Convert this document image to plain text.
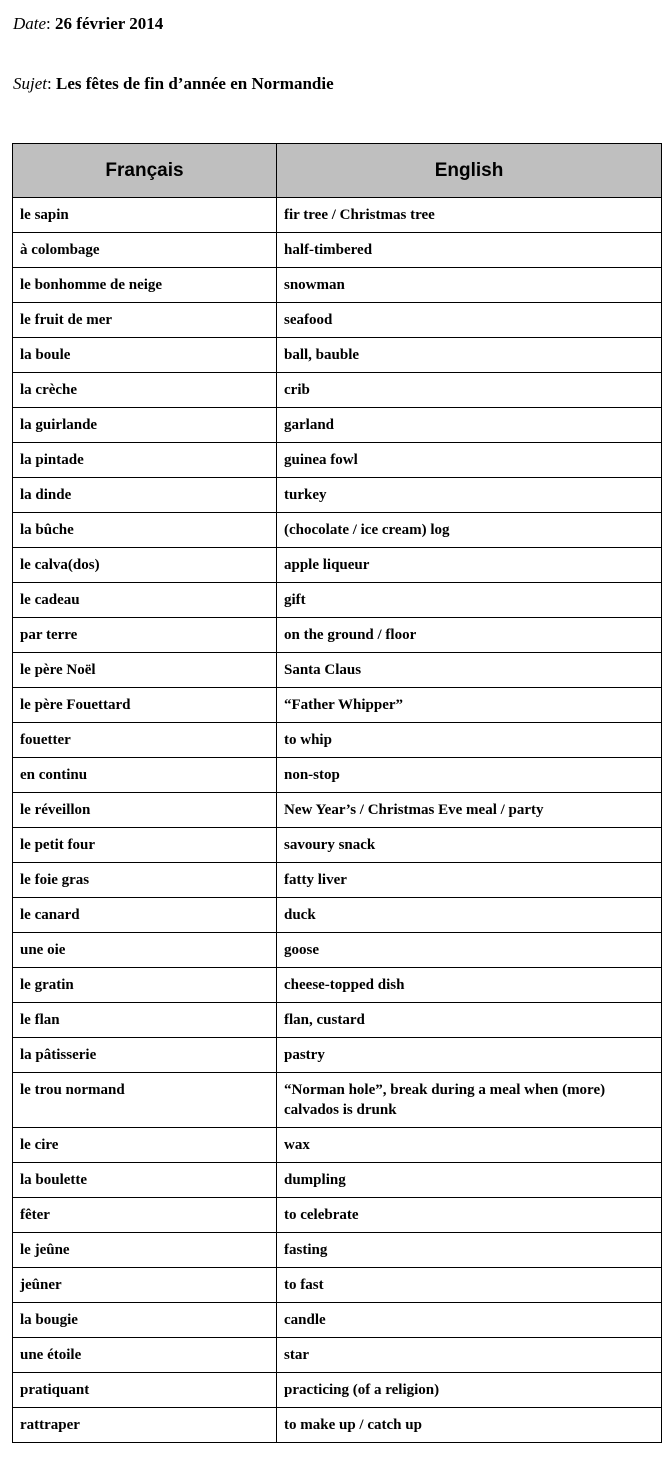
Date: 26 février 2014
Sujet: Les fêtes de fin d’année en Normandie
Français	English
le sapin	fir tree / Christmas tree
à colombage	half-timbered
le bonhomme de neige	snowman
le fruit de mer	seafood
la boule	ball, bauble
la crèche	crib
la guirlande	garland
la pintade	guinea fowl
la dinde	turkey
la bûche	(chocolate / ice cream) log
le calva(dos)	apple liqueur
le cadeau	gift
par terre	on the ground / floor
le père Noël	Santa Claus
le père Fouettard	“Father Whipper”
fouetter	to whip
en continu	non-stop
le réveillon	New Year’s / Christmas Eve meal / party
le petit four	savoury snack
le foie gras	fatty liver
le canard	duck
une oie	goose
le gratin	cheese-topped dish
le flan	flan, custard
la pâtisserie	pastry
le trou normand	“Norman hole”, break during a meal when (more) calvados is drunk
le cire	wax
la boulette	dumpling
fêter	to celebrate
le jeûne	fasting
jeûner	to fast
la bougie	candle
une étoile	star
pratiquant	practicing (of a religion)
rattraper	to make up / catch up
